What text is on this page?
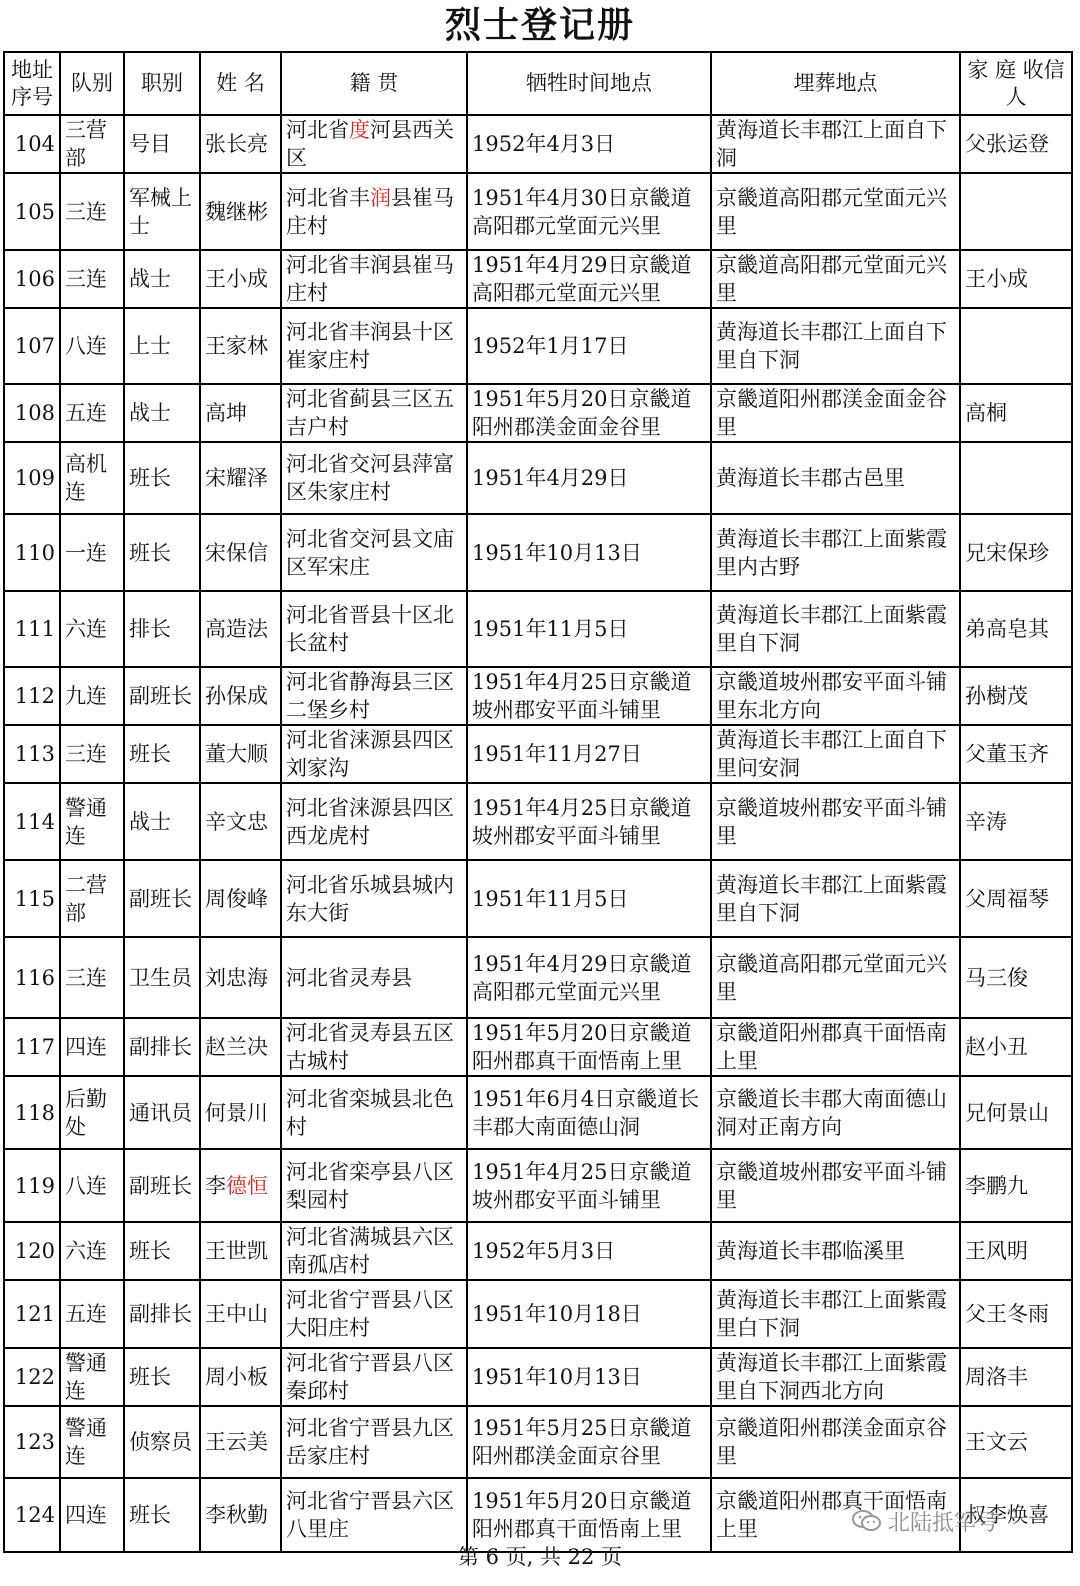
烈士登记册
地址序号	队别	职别	姓 名	籍 贯	牺牲时间地点	埋葬地点	家 庭 收信人
104	三营部	号目	张长亮	河北省度河县西关区	1952年4月3日	黄海道长丰郡江上面自下洞	父张运登
105	三连	军械上士	魏继彬	河北省丰润县崔马庄村	1951年4月30日京畿道高阳郡元堂面元兴里	京畿道高阳郡元堂面元兴里	
106	三连	战士	王小成	河北省丰润县崔马庄村	1951年4月29日京畿道高阳郡元堂面元兴里	京畿道高阳郡元堂面元兴里	王小成
107	八连	上士	王家林	河北省丰润县十区崔家庄村	1952年1月17日	黄海道长丰郡江上面自下里自下洞	
108	五连	战士	高坤	河北省蓟县三区五吉户村	1951年5月20日京畿道阳州郡渼金面金谷里	京畿道阳州郡渼金面金谷里	高桐
109	高机连	班长	宋耀泽	河北省交河县萍富区朱家庄村	1951年4月29日	黄海道长丰郡古邑里	
110	一连	班长	宋保信	河北省交河县文庙区军宋庄	1951年10月13日	黄海道长丰郡江上面紫霞里内古野	兄宋保珍
111	六连	排长	高造法	河北省晋县十区北长盆村	1951年11月5日	黄海道长丰郡江上面紫霞里自下洞	弟高皂其
112	九连	副班长	孙保成	河北省静海县三区二堡乡村	1951年4月25日京畿道坡州郡安平面斗铺里	京畿道坡州郡安平面斗铺里东北方向	孙樹茂
113	三连	班长	董大顺	河北省涞源县四区刘家沟	1951年11月27日	黄海道长丰郡江上面自下里问安洞	父董玉齐
114	警通连	战士	辛文忠	河北省涞源县四区西龙虎村	1951年4月25日京畿道坡州郡安平面斗铺里	京畿道坡州郡安平面斗铺里	辛涛
115	二营部	副班长	周俊峰	河北省乐城县城内东大街	1951年11月5日	黄海道长丰郡江上面紫霞里自下洞	父周福琴
116	三连	卫生员	刘忠海	河北省灵寿县	1951年4月29日京畿道高阳郡元堂面元兴里	京畿道高阳郡元堂面元兴里	马三俊
117	四连	副排长	赵兰决	河北省灵寿县五区古城村	1951年5月20日京畿道阳州郡真干面悟南上里	京畿道阳州郡真干面悟南上里	赵小丑
118	后勤处	通讯员	何景川	河北省栾城县北色村	1951年6月4日京畿道长丰郡大南面德山洞	京畿道长丰郡大南面德山洞对正南方向	兄何景山
119	八连	副班长	李德恒	河北省栾亭县八区梨园村	1951年4月25日京畿道坡州郡安平面斗铺里	京畿道坡州郡安平面斗铺里	李鹏九
120	六连	班长	王世凯	河北省满城县六区南孤店村	1952年5月3日	黄海道长丰郡临溪里	王风明
121	五连	副排长	王中山	河北省宁晋县八区大阳庄村	1951年10月18日	黄海道长丰郡江上面紫霞里白下洞	父王冬雨
122	警通连	班长	周小板	河北省宁晋县八区秦邱村	1951年10月13日	黄海道长丰郡江上面紫霞里自下洞西北方向	周洛丰
123	警通连	侦察员	王云美	河北省宁晋县九区岳家庄村	1951年5月25日京畿道阳州郡渼金面京谷里	京畿道阳州郡渼金面京谷里	王文云
124	四连	班长	李秋勤	河北省宁晋县六区八里庄	1951年5月20日京畿道阳州郡真干面悟南上里	京畿道阳州郡真干面悟南上里	叔李焕喜
北陆抵军号
第 6 页, 共 22 页
